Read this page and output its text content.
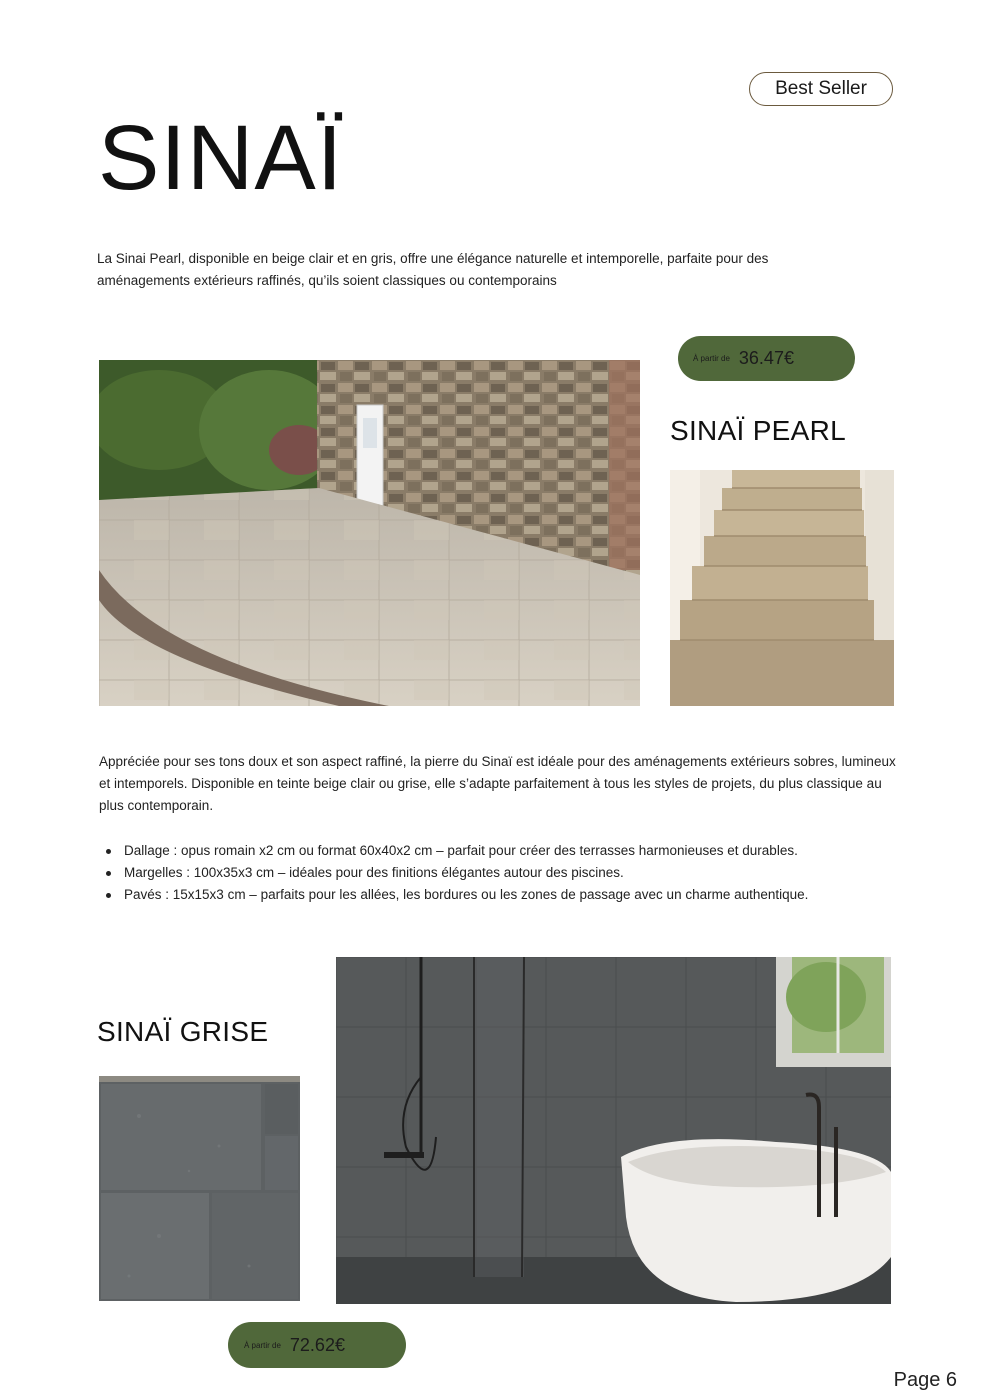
Best Seller
SINAÏ

La Sinai Pearl, disponible en beige clair et en gris, offre une élégance naturelle et intemporelle, parfaite pour des aménagements extérieurs raffinés, qu’ils soient classiques ou contemporains

À partir de 36.47€
SINAÏ PEARL

Appréciée pour ses tons doux et son aspect raffiné, la pierre du Sinaï est idéale pour des aménagements extérieurs sobres, lumineux et intemporels. Disponible en teinte beige clair ou grise, elle s’adapte parfaitement à tous les styles de projets, du plus classique au plus contemporain.

Dallage : opus romain x2 cm ou format 60x40x2 cm – parfait pour créer des terrasses harmonieuses et durables.
Margelles : 100x35x3 cm – idéales pour des finitions élégantes autour des piscines.
Pavés : 15x15x3 cm – parfaits pour les allées, les bordures ou les zones de passage avec un charme authentique.
SINAÏ GRISE
À partir de 72.62€
Page 6
